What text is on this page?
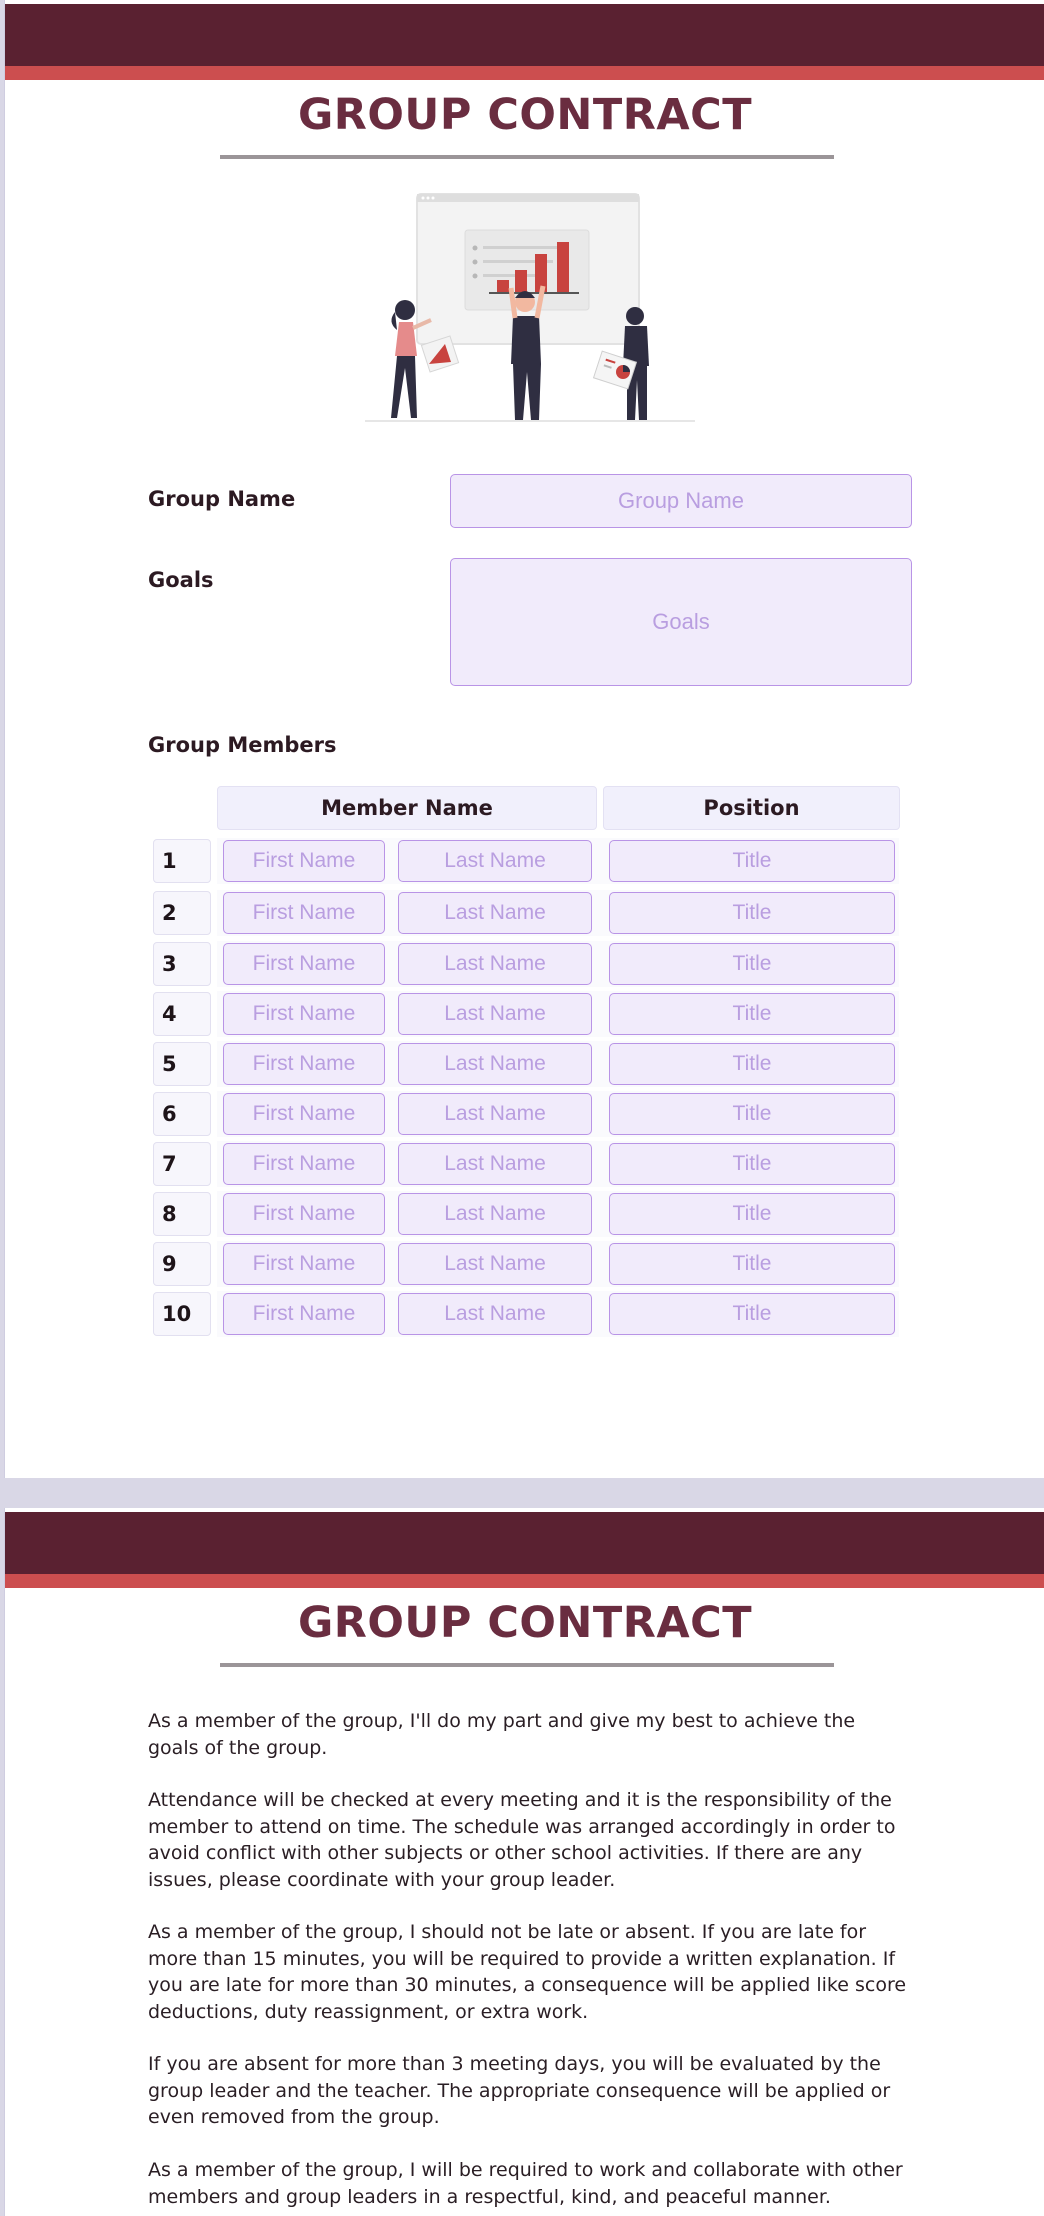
GROUP CONTRACT
Group Name	Group Name
Goals
Goals
Group Members
Member Name	Position
1	First Name	Last Name	Title
2	First Name	Last Name	Title
3	First Name	Last Name	Title
4	First Name	Last Name	Title
5	First Name	Last Name	Title
6	First Name	Last Name	Title
7	First Name	Last Name	Title
8	First Name	Last Name	Title
9	First Name	Last Name	Title
10	First Name	Last Name	Title
GROUP CONTRACT
As a member of the group, I'll do my part and give my best to achieve the goals of the group.
Attendance will be checked at every meeting and it is the responsibility of the member to attend on time. The schedule was arranged accordingly in order to avoid conflict with other subjects or other school activities. If there are any issues, please coordinate with your group leader.
As a member of the group, I should not be late or absent. If you are late for more than 15 minutes, you will be required to provide a written explanation. If you are late for more than 30 minutes, a consequence will be applied like score deductions, duty reassignment, or extra work.
If you are absent for more than 3 meeting days, you will be evaluated by the group leader and the teacher. The appropriate consequence will be applied or even removed from the group.
As a member of the group, I will be required to work and collaborate with other members and group leaders in a respectful, kind, and peaceful manner.
